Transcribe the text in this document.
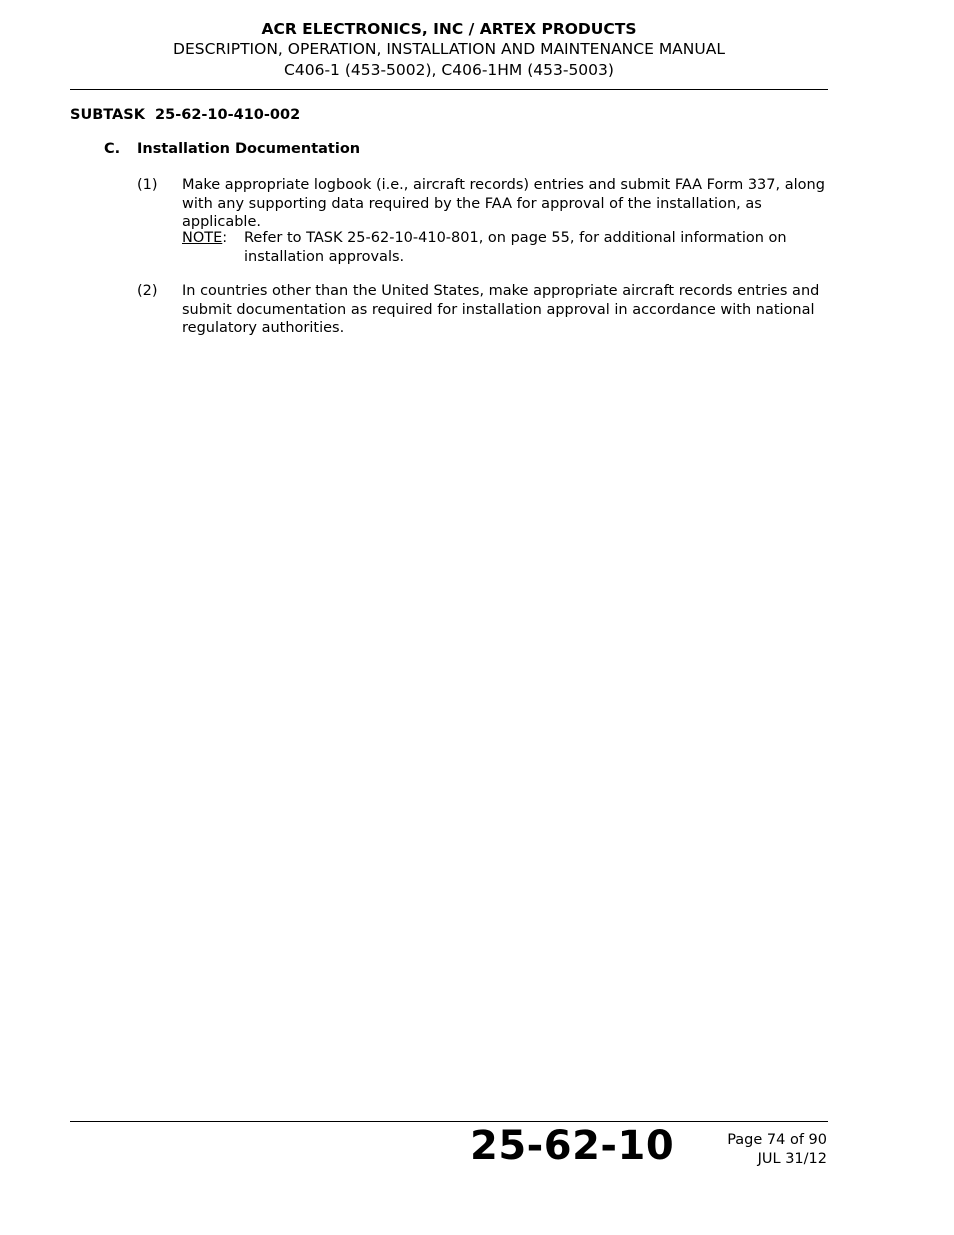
ACR ELECTRONICS, INC / ARTEX PRODUCTS
DESCRIPTION, OPERATION, INSTALLATION AND MAINTENANCE MANUAL
C406-1 (453-5002), C406-1HM (453-5003)
SUBTASK  25-62-10-410-002
C. Installation Documentation
(1) Make appropriate logbook (i.e., aircraft records) entries and submit FAA Form 337, along with any supporting data required by the FAA for approval of the installation, as applicable.
NOTE: Refer to TASK 25-62-10-410-801, on page 55, for additional information on installation approvals.
(2) In countries other than the United States, make appropriate aircraft records entries and submit documentation as required for installation approval in accordance with national regulatory authorities.
25-62-10	Page 74 of 90
JUL 31/12
